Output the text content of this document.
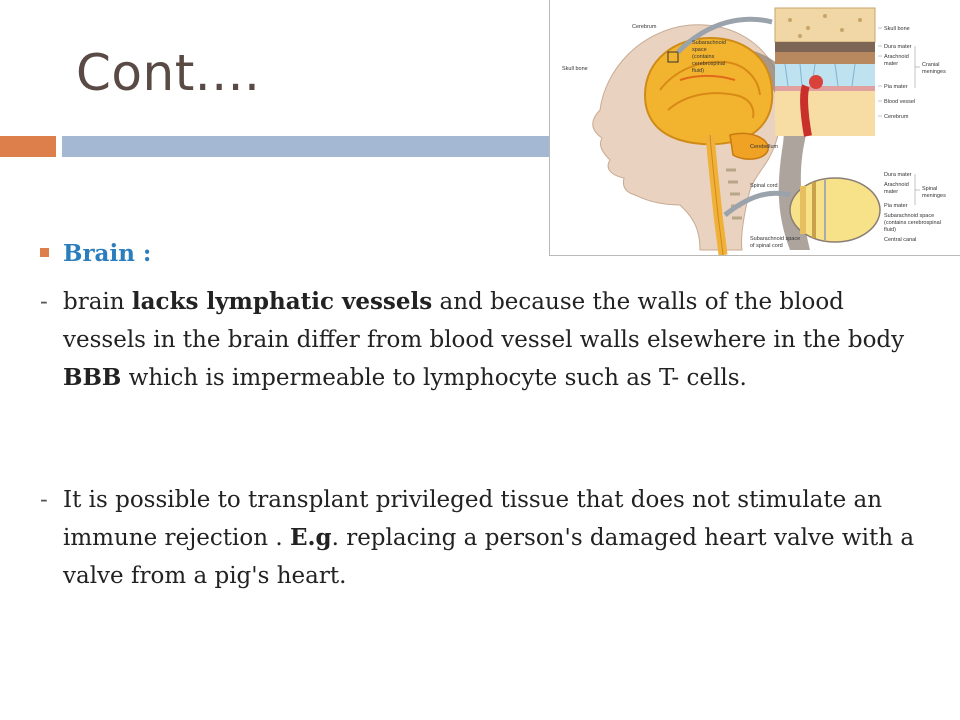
Cont....
Cerebrum
Skull bone
Subarachnoid
space
(contains
cerebrospinal
fluid)
Cerebellum
Spinal cord
Subarachnoid space
of spinal cord
Skull bone
Dura mater
Arachnoid
mater	Cranial
meninges
Pia mater
Blood vessel
Cerebrum
Dura mater
Arachnoid
mater	Spinal
meninges
Pia mater
Subarachnoid space
(contains cerebrospinal
fluid)
Central canal
Brain :
- brain lacks lymphatic vessels and because the walls of the blood vessels in the brain differ from blood vessel walls elsewhere in the body BBB which is impermeable to lymphocyte such as T- cells.
- It is possible to transplant privileged tissue that does not stimulate an immune rejection . E.g. replacing a person's damaged heart valve with a valve from a pig's heart.
